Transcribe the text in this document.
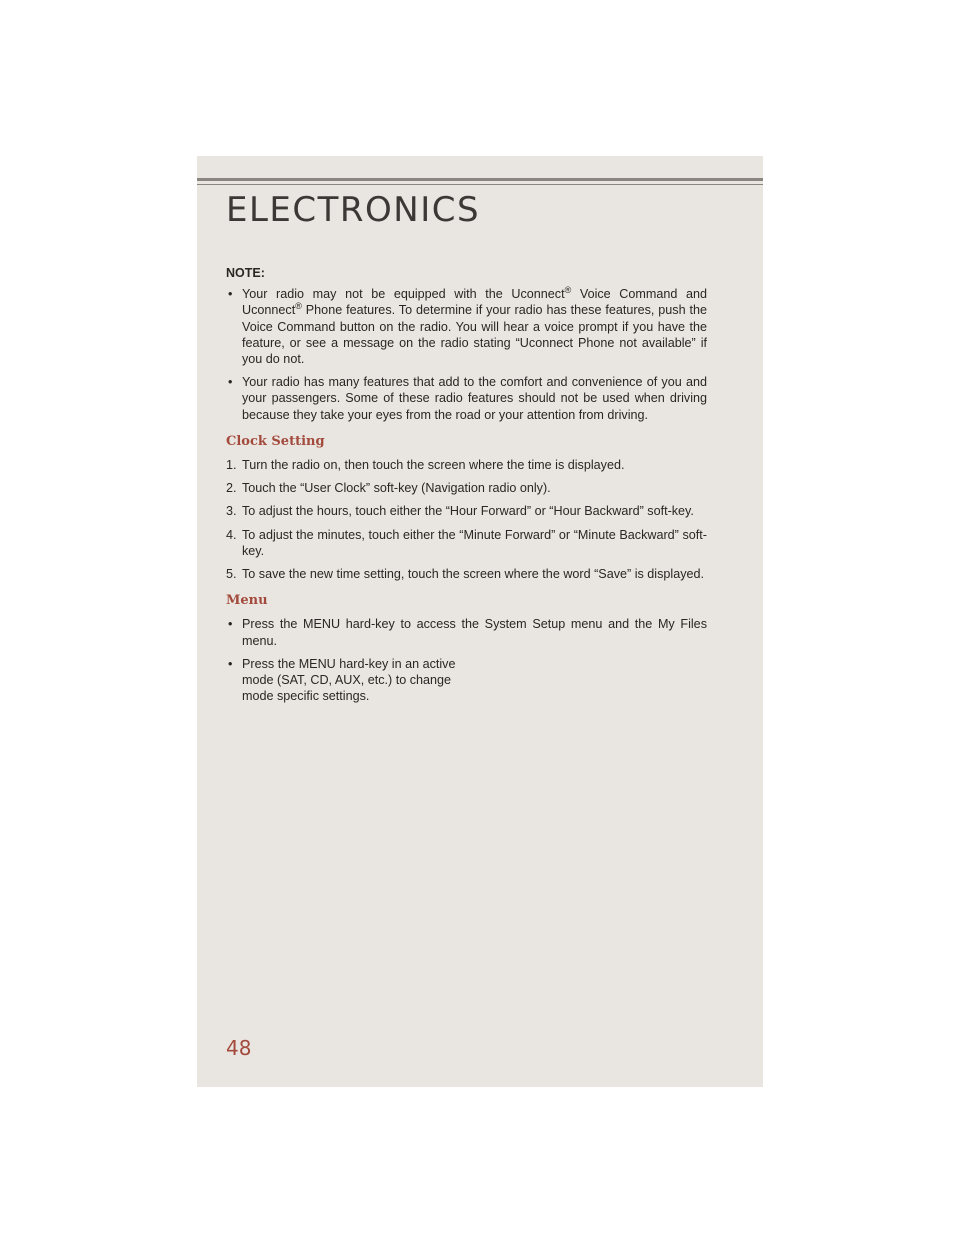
ELECTRONICS
NOTE:
• Your radio may not be equipped with the Uconnect® Voice Command and Uconnect® Phone features. To determine if your radio has these features, push the Voice Command button on the radio. You will hear a voice prompt if you have the feature, or see a message on the radio stating “Uconnect Phone not available” if you do not.
• Your radio has many features that add to the comfort and convenience of you and your passengers. Some of these radio features should not be used when driving because they take your eyes from the road or your attention from driving.
Clock Setting
1. Turn the radio on, then touch the screen where the time is displayed.
2. Touch the “User Clock” soft-key (Navigation radio only).
3. To adjust the hours, touch either the “Hour Forward” or “Hour Backward” soft-key.
4. To adjust the minutes, touch either the “Minute Forward” or “Minute Backward” soft-key.
5. To save the new time setting, touch the screen where the word “Save” is displayed.
Menu
• Press the MENU hard-key to access the System Setup menu and the My Files menu.
• Press the MENU hard-key in an active mode (SAT, CD, AUX, etc.) to change mode specific settings.
48
